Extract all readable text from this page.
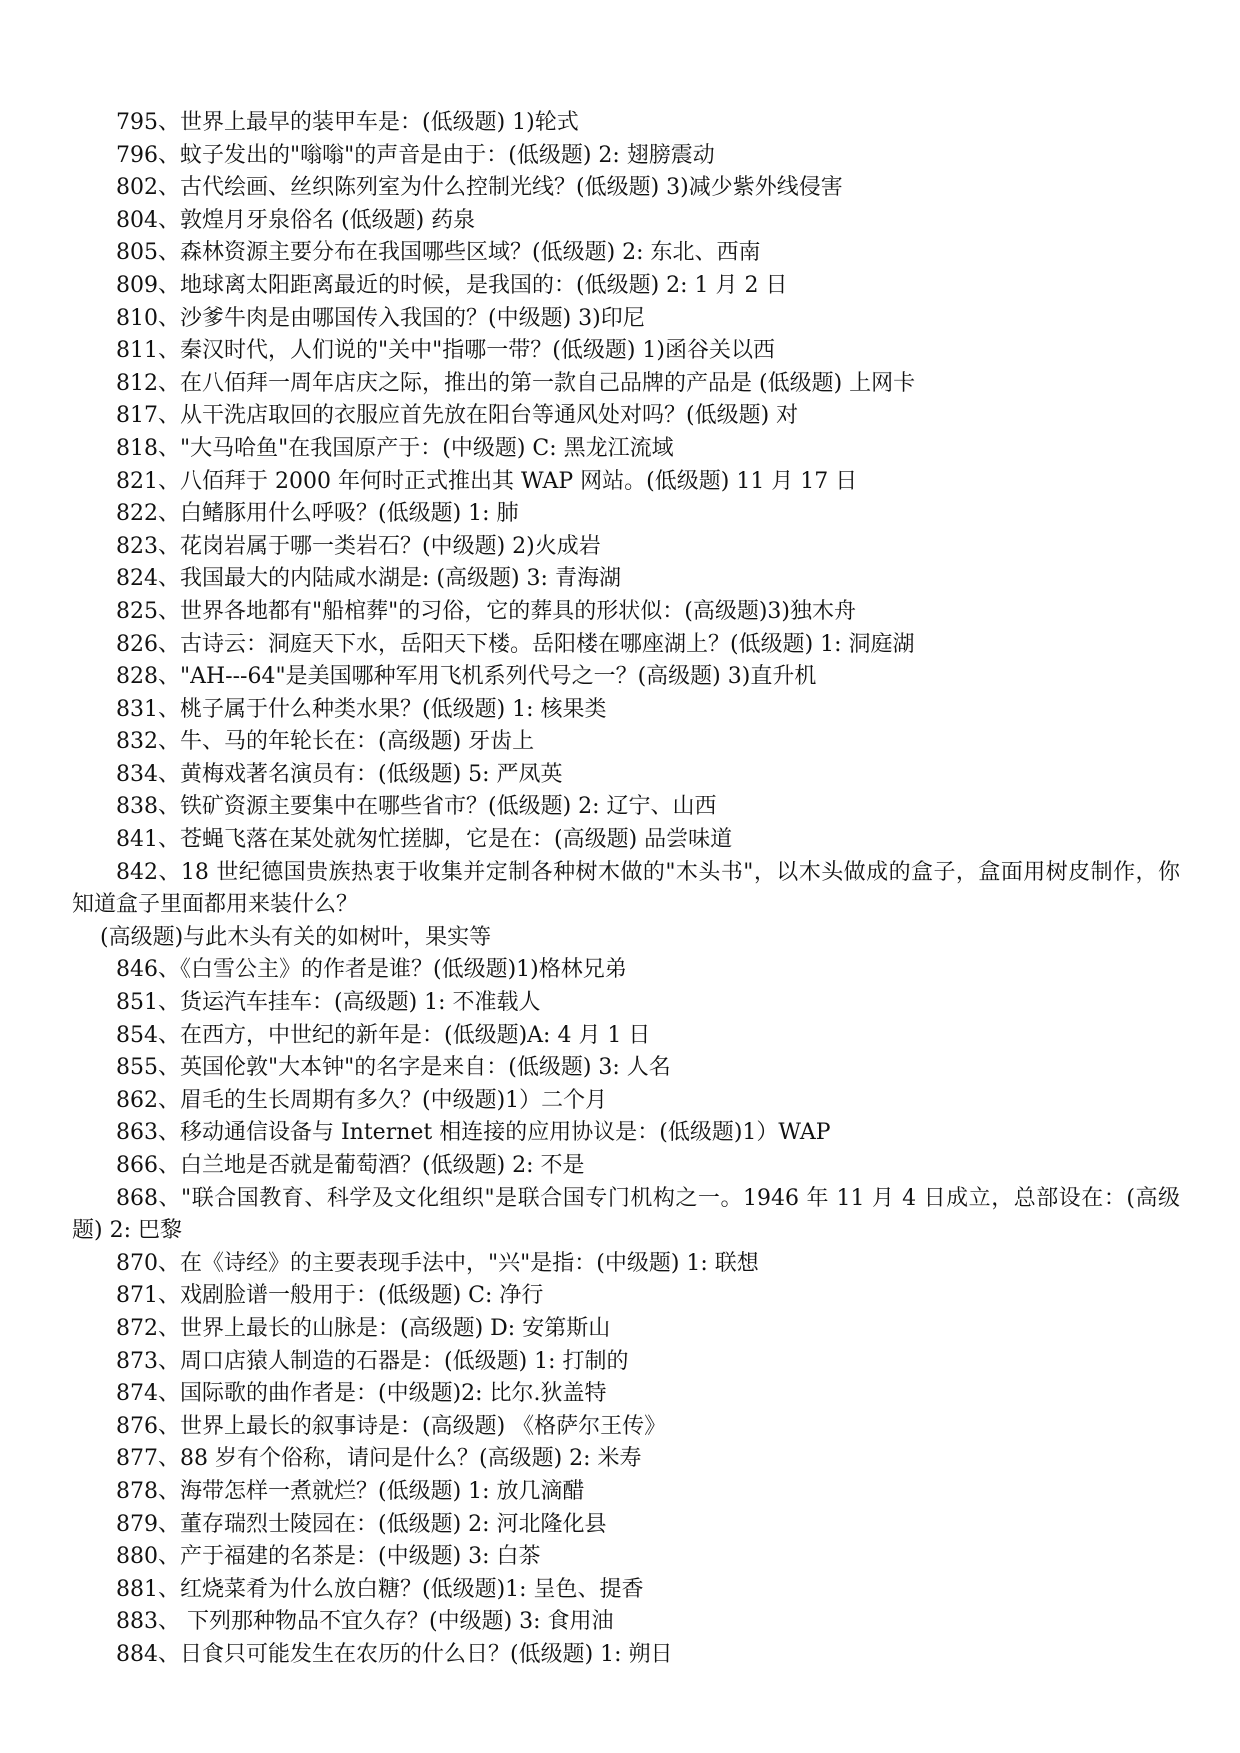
795、世界上最早的装甲车是：(低级题) 1)轮式
796、蚊子发出的"嗡嗡"的声音是由于：(低级题) 2: 翅膀震动
802、古代绘画、丝织陈列室为什么控制光线？(低级题) 3)减少紫外线侵害
804、敦煌月牙泉俗名 (低级题) 药泉
805、森林资源主要分布在我国哪些区域？(低级题) 2: 东北、西南
809、地球离太阳距离最近的时候，是我国的：(低级题) 2: 1 月 2 日
810、沙爹牛肉是由哪国传入我国的？(中级题) 3)印尼
811、秦汉时代，人们说的"关中"指哪一带？(低级题) 1)函谷关以西
812、在八佰拜一周年店庆之际，推出的第一款自己品牌的产品是 (低级题) 上网卡
817、从干洗店取回的衣服应首先放在阳台等通风处对吗？(低级题) 对
818、"大马哈鱼"在我国原产于：(中级题) C: 黑龙江流域
821、八佰拜于 2000 年何时正式推出其 WAP 网站。(低级题) 11 月 17 日
822、白鳍豚用什么呼吸？(低级题) 1: 肺
823、花岗岩属于哪一类岩石？(中级题) 2)火成岩
824、我国最大的内陆咸水湖是: (高级题) 3: 青海湖
825、世界各地都有"船棺葬"的习俗，它的葬具的形状似：(高级题)3)独木舟
826、古诗云：洞庭天下水，岳阳天下楼。岳阳楼在哪座湖上？(低级题) 1: 洞庭湖
828、"AH---64"是美国哪种军用飞机系列代号之一？(高级题) 3)直升机
831、桃子属于什么种类水果？(低级题) 1: 核果类
832、牛、马的年轮长在：(高级题) 牙齿上
834、黄梅戏著名演员有：(低级题) 5: 严凤英
838、铁矿资源主要集中在哪些省市？(低级题) 2: 辽宁、山西
841、苍蝇飞落在某处就匆忙搓脚，它是在：(高级题) 品尝味道
842、18 世纪德国贵族热衷于收集并定制各种树木做的"木头书"，以木头做成的盒子，盒面用树皮制作，你知道盒子里面都用来装什么？
(高级题)与此木头有关的如树叶，果实等
846、《白雪公主》的作者是谁？(低级题)1)格林兄弟
851、货运汽车挂车：(高级题) 1: 不准载人
854、在西方，中世纪的新年是：(低级题)A: 4 月 1 日
855、英国伦敦"大本钟"的名字是来自：(低级题) 3: 人名
862、眉毛的生长周期有多久？(中级题)1）二个月
863、移动通信设备与 Internet 相连接的应用协议是：(低级题)1）WAP
866、白兰地是否就是葡萄酒？(低级题) 2: 不是
868、"联合国教育、科学及文化组织"是联合国专门机构之一。1946 年 11 月 4 日成立，总部设在：(高级题) 2: 巴黎
870、在《诗经》的主要表现手法中，"兴"是指：(中级题) 1: 联想
871、戏剧脸谱一般用于：(低级题) C: 净行
872、世界上最长的山脉是：(高级题) D: 安第斯山
873、周口店猿人制造的石器是：(低级题) 1: 打制的
874、国际歌的曲作者是：(中级题)2: 比尔.狄盖特
876、世界上最长的叙事诗是：(高级题) 《格萨尔王传》
877、88 岁有个俗称，请问是什么？(高级题) 2: 米寿
878、海带怎样一煮就烂？(低级题) 1: 放几滴醋
879、董存瑞烈士陵园在：(低级题) 2: 河北隆化县
880、产于福建的名茶是：(中级题) 3: 白茶
881、红烧菜肴为什么放白糖？(低级题)1: 呈色、提香
883、 下列那种物品不宜久存？(中级题) 3: 食用油
884、日食只可能发生在农历的什么日？(低级题) 1: 朔日
